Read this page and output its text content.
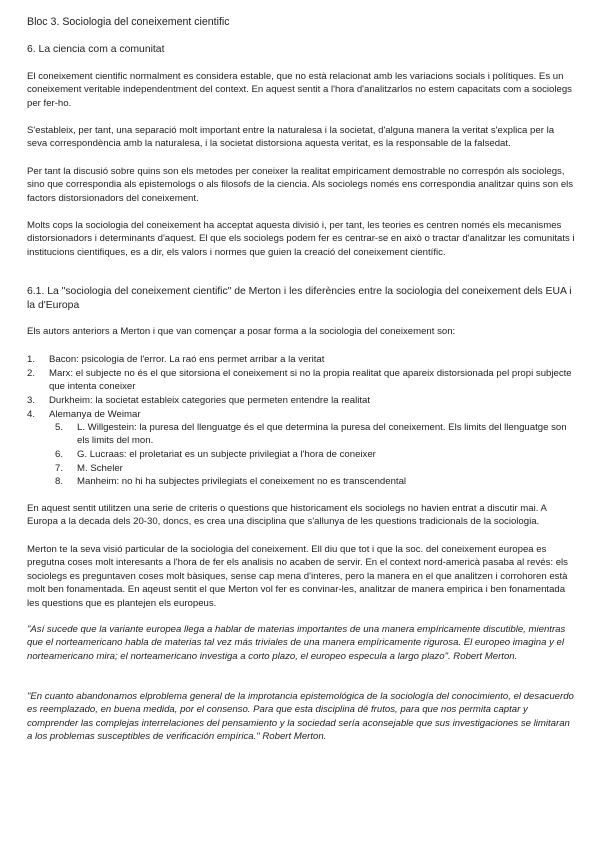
Bloc 3. Sociologia del coneixement cientific
6. La ciencia com a comunitat

El coneixement cientific normalment es considera estable, que no està relacionat amb les variacions socials i polítiques. Es un coneixement veritable independentment del context. En aquest sentit a l'hora d'analitzarlos no estem capacitats com a sociolegs per fer-ho.

S'estableix, per tant, una separació molt important entre la naturalesa i la societat, d'alguna manera la veritat s'explica per la seva correspondència amb la naturalesa, i la societat distorsiona aquesta veritat, es la responsable de la falsedat.

Per tant la discusió sobre quins son els metodes per coneixer la realitat empiricament demostrable no correspón als sociolegs, sino que correspondia als epistemologs o als filosofs de la ciencia. Als sociolegs només ens correspondia analitzar quins son els factors distorsionadors del coneixement.

Molts cops la sociologia del coneixement ha acceptat aquesta divisió i, per tant, les teories es centren només els mecanismes distorsionadors i determinants d'aquest. El que els sociolegs podem fer es centrar-se en això o tractar d'analitzar les comunitats i institucions cientifiques, es a dir, els valors i normes que guien la creació del coneixement científic.

6.1. La "sociologia del coneixement cientific" de Merton i les diferències entre la sociologia del coneixement dels EUA i la d'Europa

Els autors anteriors a Merton i que van començar a posar forma a la sociologia del coneixement son:

1.	Bacon: psicologia de l'error. La raó ens permet arribar a la veritat
2.	Marx: el subjecte no és el que sitorsiona el coneixement si no la propia realitat que apareix distorsionada pel propi subjecte que intenta coneixer
3.	Durkheim: la societat estableix categories que permeten entendre la realitat
4.	Alemanya de Weimar
5.	L. Willgestein: la puresa del llenguatge és el que determina la puresa del coneixement. Els limits del llenguatge son els limits del mon.
6.	G. Lucraas: el proletariat es un subjecte privilegiat a l'hora de coneixer
7.	M. Scheler
8.	Manheim: no hi ha subjectes privilegiats el coneixement no es transcendental

En aquest sentit utilitzen una serie de criteris o questions que historicament els sociolegs no havien entrat a discutir mai. A Europa a la decada dels 20-30, doncs, es crea una disciplina que s'allunya de les questions tradicionals de la sociologia.

Merton te la seva visió particular de la sociologia del coneixement. Ell diu que tot i que la soc. del coneixement europea es pregutna coses molt interesants a l'hora de fer els analisis no acaben de servir. En el context nord-americà pasaba al revés: els sociolegs es preguntaven coses molt bàsiques, sense cap mena d'interes, pero la manera en el que analitzen i corrohoren està molt ben fonamentada. En aqeust sentit el que Merton vol fer es convinar-les, analitzar de manera empirica i ben fonamentada les questions que es plantejen els europeus.

"Así sucede que la variante europea llega a hablar de materias importantes de una manera empíricamente discutible, mientras que el norteamericano habla de materias tal vez más triviales de una manera empíricamente rigurosa. El europeo imagina y el norteamericano mira; el norteamericano investiga a corto plazo, el europeo especula a largo plazo". Robert Merton.

"En cuanto abandonamos elproblema general de la improtancia epistemológica de la sociología del conocimiento, el desacuerdo es reemplazado, en buena medida, por el consenso. Para que esta disciplina dé frutos, para que nos permita captar y comprender las complejas interrelaciones del pensamiento y la sociedad sería aconsejable que sus investigaciones se limitaran a los problemas susceptibles de verificación empírica." Robert Merton.
